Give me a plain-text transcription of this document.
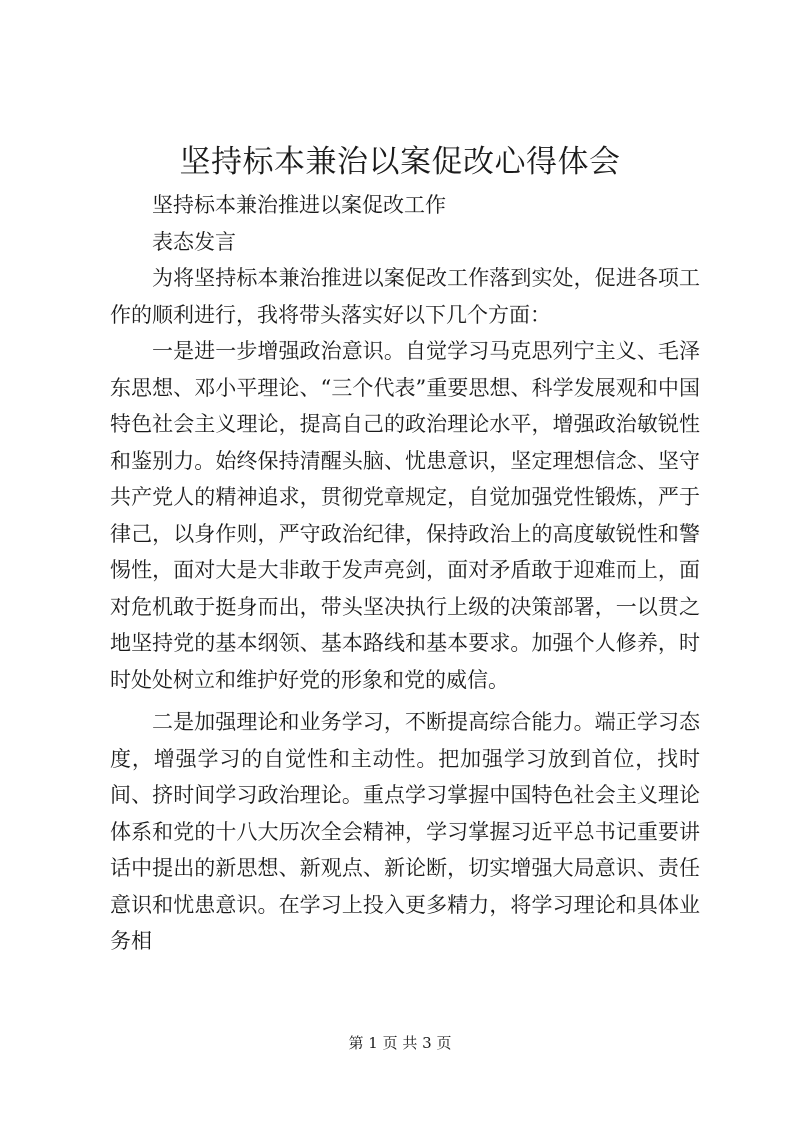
坚持标本兼治以案促改心得体会

坚持标本兼治推进以案促改工作

表态发言

为将坚持标本兼治推进以案促改工作落到实处，促进各项工作的顺利进行，我将带头落实好以下几个方面：

一是进一步增强政治意识。自觉学习马克思列宁主义、毛泽东思想、邓小平理论、“三个代表”重要思想、科学发展观和中国特色社会主义理论，提高自己的政治理论水平，增强政治敏锐性和鉴别力。始终保持清醒头脑、忧患意识，坚定理想信念、坚守共产党人的精神追求，贯彻党章规定，自觉加强党性锻炼，严于律己，以身作则，严守政治纪律，保持政治上的高度敏锐性和警惕性，面对大是大非敢于发声亮剑，面对矛盾敢于迎难而上，面对危机敢于挺身而出，带头坚决执行上级的决策部署，一以贯之地坚持党的基本纲领、基本路线和基本要求。加强个人修养，时时处处树立和维护好党的形象和党的威信。

二是加强理论和业务学习，不断提高综合能力。端正学习态度，增强学习的自觉性和主动性。把加强学习放到首位，找时间、挤时间学习政治理论。重点学习掌握中国特色社会主义理论体系和党的十八大历次全会精神，学习掌握习近平总书记重要讲话中提出的新思想、新观点、新论断，切实增强大局意识、责任意识和忧患意识。在学习上投入更多精力，将学习理论和具体业务相

第 1 页 共 3 页
